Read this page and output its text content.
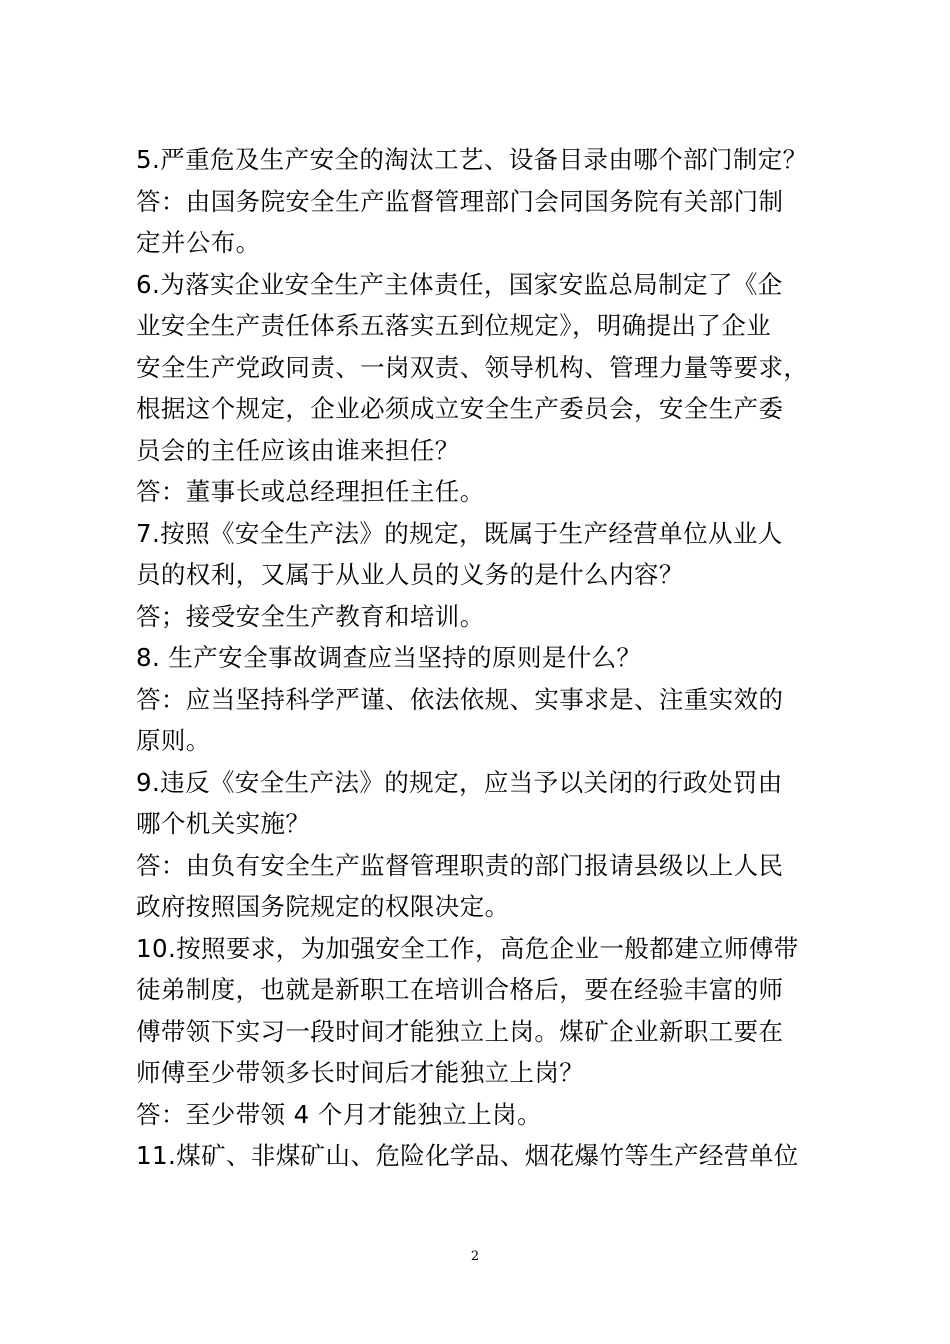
5.严重危及生产安全的淘汰工艺、设备目录由哪个部门制定？
答：由国务院安全生产监督管理部门会同国务院有关部门制
定并公布。
6.为落实企业安全生产主体责任，国家安监总局制定了《企
业安全生产责任体系五落实五到位规定》，明确提出了企业
安全生产党政同责、一岗双责、领导机构、管理力量等要求，
根据这个规定，企业必须成立安全生产委员会，安全生产委
员会的主任应该由谁来担任？
答：董事长或总经理担任主任。
7.按照《安全生产法》的规定，既属于生产经营单位从业人
员的权利，又属于从业人员的义务的是什么内容？
答；接受安全生产教育和培训。
8. 生产安全事故调查应当坚持的原则是什么？
答：应当坚持科学严谨、依法依规、实事求是、注重实效的
原则。
9.违反《安全生产法》的规定，应当予以关闭的行政处罚由
哪个机关实施？
答：由负有安全生产监督管理职责的部门报请县级以上人民
政府按照国务院规定的权限决定。
10.按照要求，为加强安全工作，高危企业一般都建立师傅带
徒弟制度，也就是新职工在培训合格后，要在经验丰富的师
傅带领下实习一段时间才能独立上岗。煤矿企业新职工要在
师傅至少带领多长时间后才能独立上岗？
答：至少带领 4 个月才能独立上岗。
11.煤矿、非煤矿山、危险化学品、烟花爆竹等生产经营单位
2
